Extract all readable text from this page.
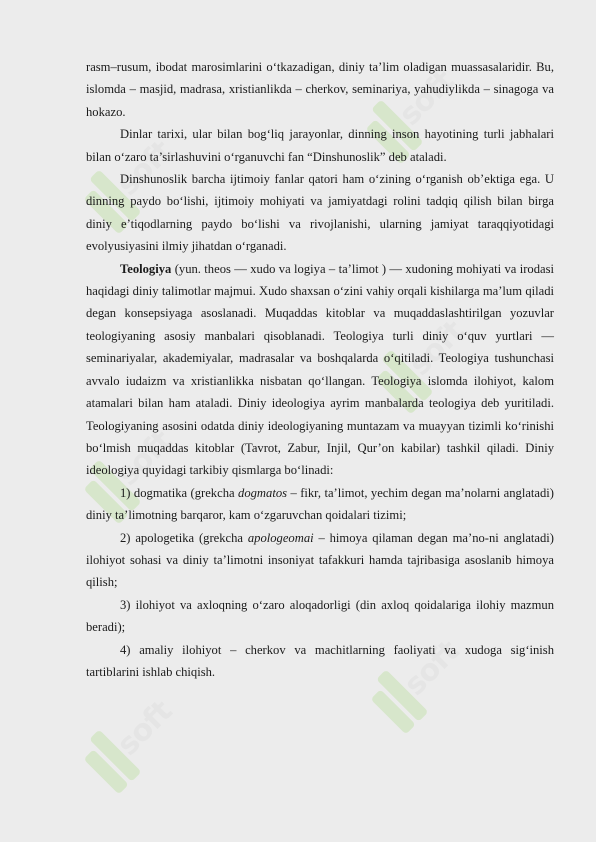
soft
soft
soft
soft
soft
soft

rasm–rusum, ibodat marosimlarini o‘tkazadigan, diniy ta’lim oladigan muassasalaridir. Bu, islomda – masjid, madrasa, xristianlikda – cherkov, seminariya, yahudiylikda – sinagoga va hokazo.

Dinlar tarixi, ular bilan bog‘liq jarayonlar, dinning inson hayotining turli jabhalari bilan o‘zaro ta’sirlashuvini o‘rganuvchi fan “Dinshunoslik” deb ataladi.

Dinshunoslik barcha ijtimoiy fanlar qatori ham o‘zining o‘rganish ob’ektiga ega. U dinning paydo bo‘lishi, ijtimoiy mohiyati va jamiyatdagi rolini tadqiq qilish bilan birga diniy e’tiqodlarning paydo bo‘lishi va rivojlanishi, ularning jamiyat taraqqiyotidagi evolyusiyasini ilmiy jihatdan o‘rganadi.

Teologiya (yun. theos — xudo va logiya – ta’limot ) — xudoning mohiyati va irodasi haqidagi diniy talimotlar majmui. Xudo shaxsan o‘zini vahiy orqali kishilarga ma’lum qiladi degan konsepsiyaga asoslanadi. Muqaddas kitoblar va muqaddaslashtirilgan yozuvlar teologiyaning asosiy manbalari qisoblanadi. Teologiya turli diniy o‘quv yurtlari — seminariyalar, akademiyalar, madrasalar va boshqalarda o‘qitiladi. Teologiya tushunchasi avvalo iudaizm va xristianlikka nisbatan qo‘llangan. Teologiya islomda ilohiyot, kalom atamalari bilan ham ataladi. Diniy ideologiya ayrim manbalarda teologiya deb yuritiladi. Teologiyaning asosini odatda diniy ideologiyaning muntazam va muayyan tizimli ko‘rinishi bo‘lmish muqaddas kitoblar (Tavrot, Zabur, Injil, Qur’on kabilar) tashkil qiladi. Diniy ideologiya quyidagi tarkibiy qismlarga bo‘linadi:

1) dogmatika (grekcha dogmatos – fikr, ta’limot, yechim degan ma’nolarni anglatadi) diniy ta’limotning barqaror, kam o‘zgaruvchan qoidalari tizimi;

2) apologetika (grekcha apologeomai – himoya qilaman degan ma’no-ni anglatadi) ilohiyot sohasi va diniy ta’limotni insoniyat tafakkuri hamda tajribasiga asoslanib himoya qilish;

3) ilohiyot va axloqning o‘zaro aloqadorligi (din axloq qoidalariga ilohiy mazmun beradi);

4) amaliy ilohiyot – cherkov va machitlarning faoliyati va xudoga sig‘inish tartiblarini ishlab chiqish.
